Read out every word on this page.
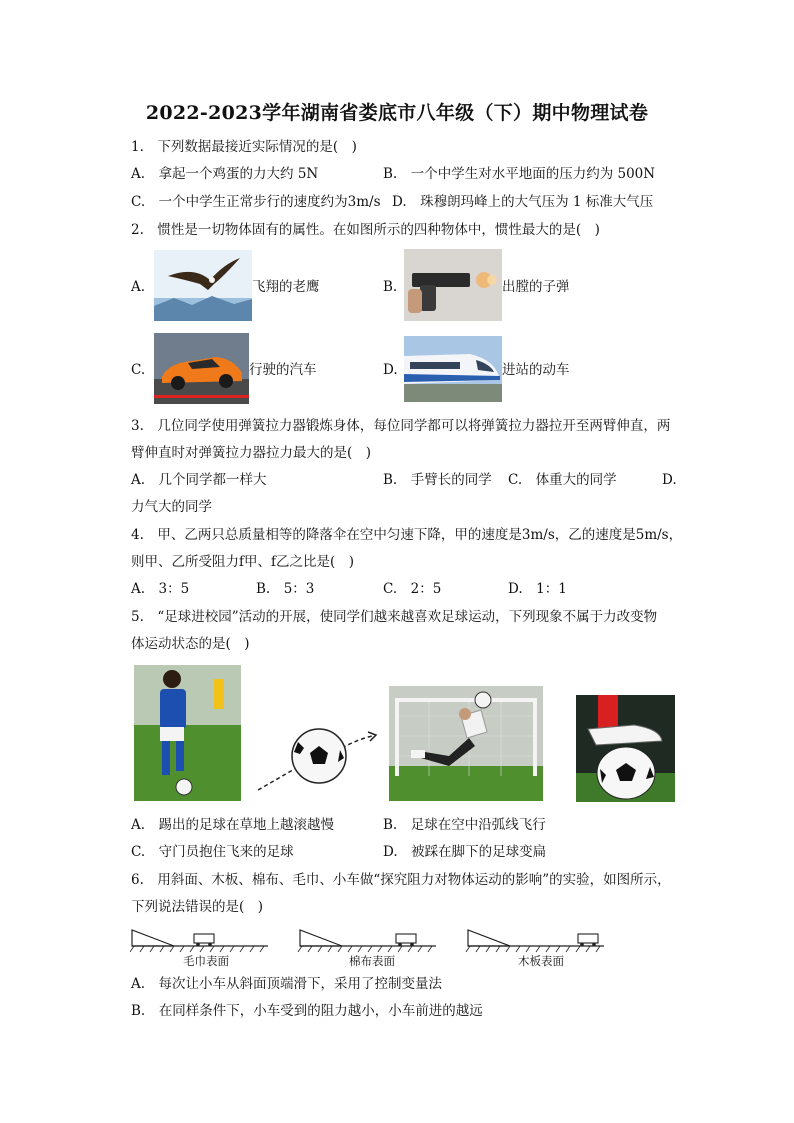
2022-2023学年湖南省娄底市八年级（下）期中物理试卷
1.　下列数据最接近实际情况的是(　)
A.　拿起一个鸡蛋的力大约 5N	B.　一个中学生对水平地面的压力约为 500N
C.　一个中学生正常步行的速度约为3m/s D.　珠穆朗玛峰上的大气压为 1 标准大气压
2.　惯性是一切物体固有的属性。在如图所示的四种物体中，惯性最大的是(　)
A.	飞翔的老鹰	B.	出膛的子弹
C.	行驶的汽车	D.	进站的动车
3.　几位同学使用弹簧拉力器锻炼身体，每位同学都可以将弹簧拉力器拉开至两臂伸直，两
臂伸直时对弹簧拉力器拉力最大的是(　)
A.　几个同学都一样大	B.　手臂长的同学 C.　体重大的同学	D.
力气大的同学
4.　甲、乙两只总质量相等的降落伞在空中匀速下降，甲的速度是3m/s，乙的速度是5m/s，
则甲、乙所受阻力f甲、f乙之比是(　)
A.　3：5	B.　5：3	C.　2：5	D.　1：1
5.　“足球进校园”活动的开展，使同学们越来越喜欢足球运动，下列现象不属于力改变物
体运动状态的是(　)
A.　踢出的足球在草地上越滚越慢	B.　足球在空中沿弧线飞行
C.　守门员抱住飞来的足球	D.　被踩在脚下的足球变扁
6.　用斜面、木板、棉布、毛巾、小车做“探究阻力对物体运动的影响”的实验，如图所示，
下列说法错误的是(　)
毛巾表面	棉布表面	木板表面
A.　每次让小车从斜面顶端滑下，采用了控制变量法
B.　在同样条件下，小车受到的阻力越小，小车前进的越远
